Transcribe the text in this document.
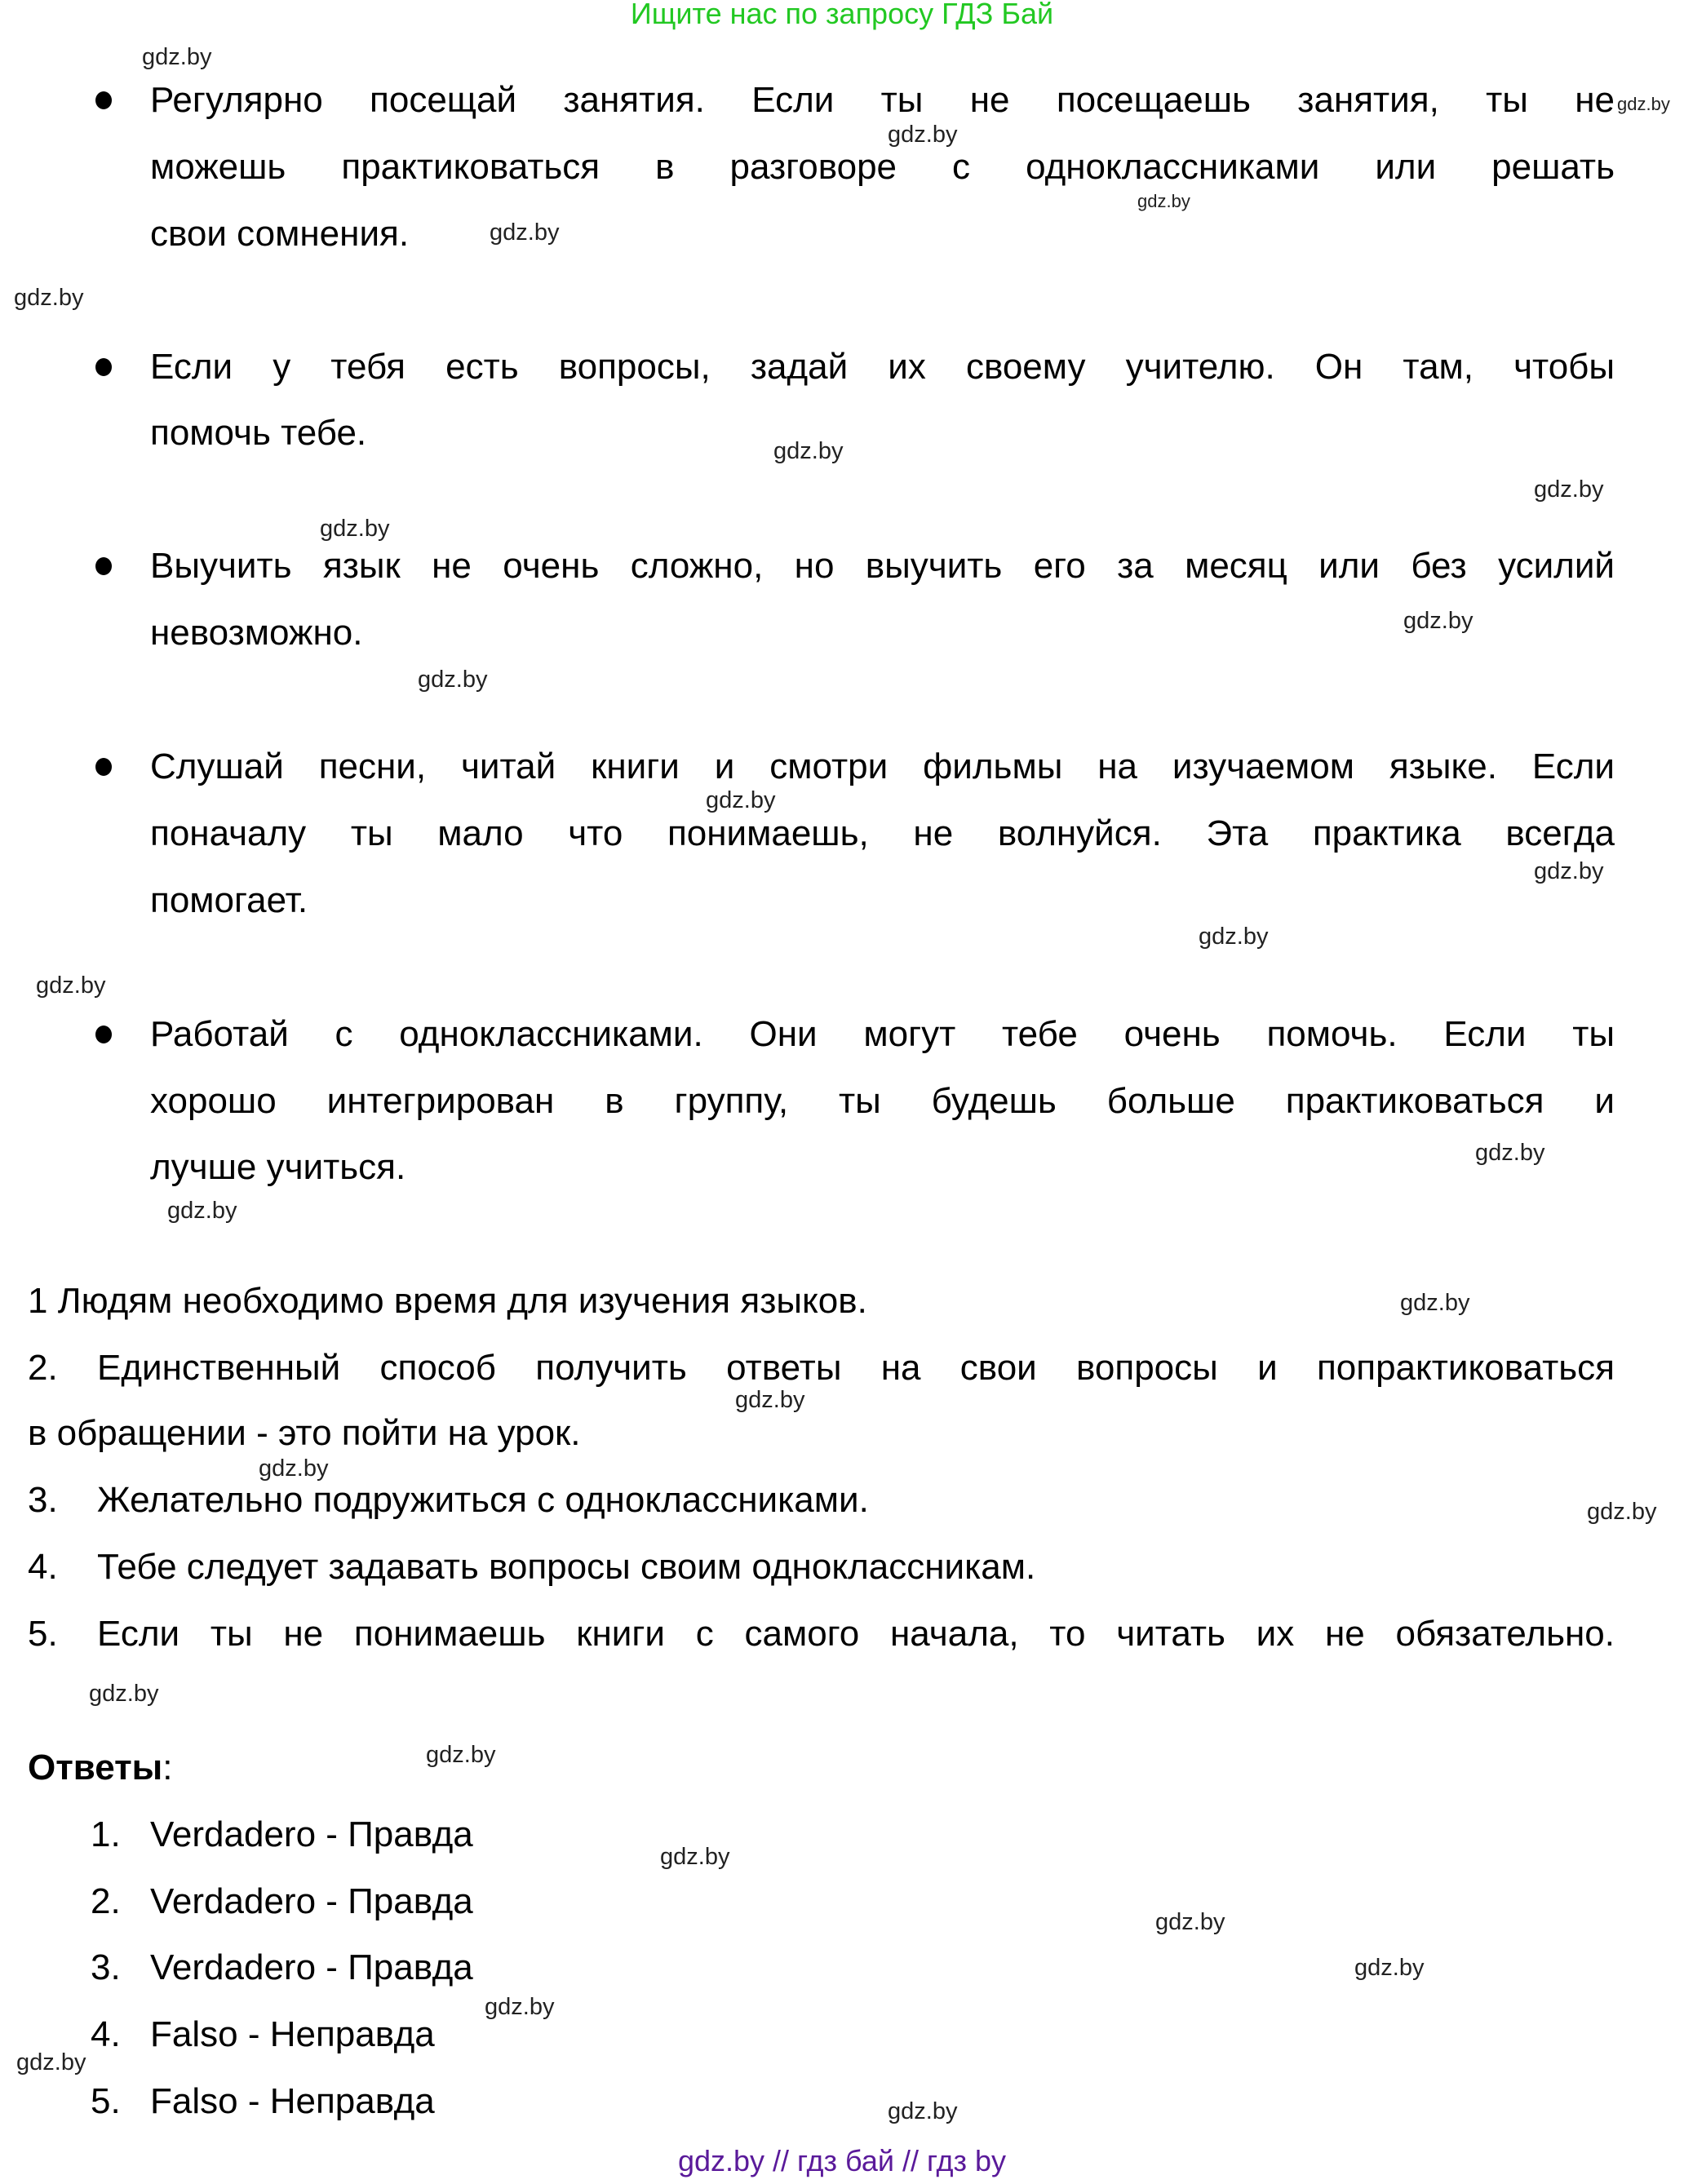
Ищите нас по запросу ГДЗ Бай
Регулярно посещай занятия. Если ты не посещаешь занятия, ты не
можешь практиковаться в разговоре с одноклассниками или решать
свои сомнения.
Если у тебя есть вопросы, задай их своему учителю. Он там, чтобы
помочь тебе.
Выучить язык не очень сложно, но выучить его за месяц или без усилий
невозможно.
Слушай песни, читай книги и смотри фильмы на изучаемом языке. Если
поначалу ты мало что понимаешь, не волнуйся. Эта практика всегда
помогает.
Работай с одноклассниками. Они могут тебе очень помочь. Если ты
хорошо интегрирован в группу, ты будешь больше практиковаться и
лучше учиться.
1 Людям необходимо время для изучения языков.
2. Единственный способ получить ответы на свои вопросы и попрактиковаться
в обращении - это пойти на урок.
3. Желательно подружиться с одноклассниками.
4. Тебе следует задавать вопросы своим одноклассникам.
5. Если ты не понимаешь книги с самого начала, то читать их не обязательно.
Ответы:
1. Verdadero - Правда
2. Verdadero - Правда
3. Verdadero - Правда
4. Falso - Неправда
5. Falso - Неправда
gdz.by
gdz.by
gdz.by
gdz.by
gdz.by
gdz.by
gdz.by
gdz.by
gdz.by
gdz.by
gdz.by
gdz.by
gdz.by
gdz.by
gdz.by
gdz.by
gdz.by
gdz.by
gdz.by
gdz.by
gdz.by
gdz.by
gdz.by
gdz.by
gdz.by
gdz.by
gdz.by
gdz.by
gdz.by
gdz.by // гдз бай // гдз by
